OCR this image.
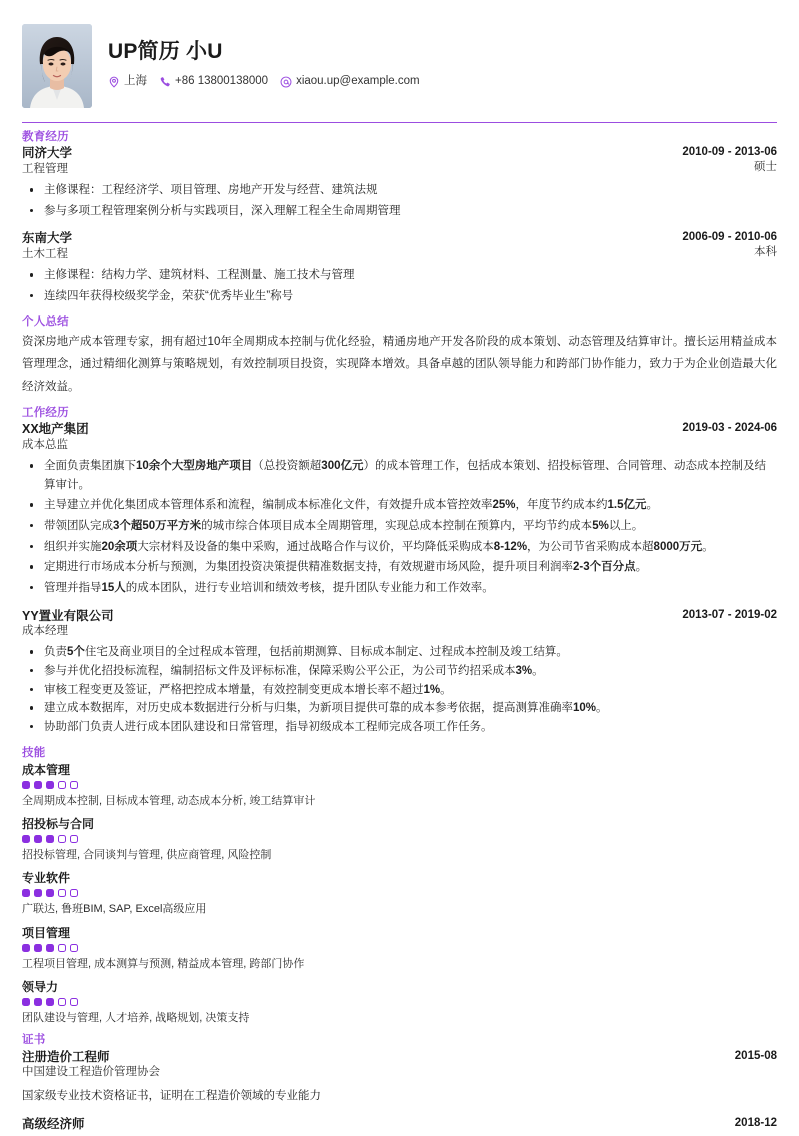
UP简历 小U
上海 +86 13800138000 xiaou.up@example.com
教育经历
同济大学
工程管理
2010-09 - 2013-06
硕士
主修课程：工程经济学、项目管理、房地产开发与经营、建筑法规
参与多项工程管理案例分析与实践项目，深入理解工程全生命周期管理
东南大学
土木工程
2006-09 - 2010-06
本科
主修课程：结构力学、建筑材料、工程测量、施工技术与管理
连续四年获得校级奖学金，荣获“优秀毕业生”称号
个人总结
资深房地产成本管理专家，拥有超过10年全周期成本控制与优化经验，精通房地产开发各阶段的成本策划、动态管理及结算审计。擅长运用精益成本管理理念，通过精细化测算与策略规划，有效控制项目投资，实现降本增效。具备卓越的团队领导能力和跨部门协作能力，致力于为企业创造最大化经济效益。
工作经历
XX地产集团
成本总监
2019-03 - 2024-06
全面负责集团旗下10余个大型房地产项目（总投资额超300亿元）的成本管理工作，包括成本策划、招投标管理、合同管理、动态成本控制及结算审计。
主导建立并优化集团成本管理体系和流程，编制成本标准化文件，有效提升成本管控效率25%，年度节约成本约1.5亿元。
带领团队完成3个超50万平方米的城市综合体项目成本全周期管理，实现总成本控制在预算内，平均节约成本5%以上。
组织并实施20余项大宗材料及设备的集中采购，通过战略合作与议价，平均降低采购成本8-12%，为公司节省采购成本超8000万元。
定期进行市场成本分析与预测，为集团投资决策提供精准数据支持，有效规避市场风险，提升项目利润率2-3个百分点。
管理并指导15人的成本团队，进行专业培训和绩效考核，提升团队专业能力和工作效率。
YY置业有限公司
成本经理
2013-07 - 2019-02
负责5个住宅及商业项目的全过程成本管理，包括前期测算、目标成本制定、过程成本控制及竣工结算。
参与并优化招投标流程，编制招标文件及评标标准，保障采购公平公正，为公司节约招采成本3%。
审核工程变更及签证，严格把控成本增量，有效控制变更成本增长率不超过1%。
建立成本数据库，对历史成本数据进行分析与归集，为新项目提供可靠的成本参考依据，提高测算准确率10%。
协助部门负责人进行成本团队建设和日常管理，指导初级成本工程师完成各项工作任务。
技能
成本管理
全周期成本控制, 目标成本管理, 动态成本分析, 竣工结算审计
招投标与合同
招投标管理, 合同谈判与管理, 供应商管理, 风险控制
专业软件
广联达, 鲁班BIM, SAP, Excel高级应用
项目管理
工程项目管理, 成本测算与预测, 精益成本管理, 跨部门协作
领导力
团队建设与管理, 人才培养, 战略规划, 决策支持
证书
注册造价工程师
中国建设工程造价管理协会
2015-08
国家级专业技术资格证书，证明在工程造价领域的专业能力
高级经济师	2018-12
